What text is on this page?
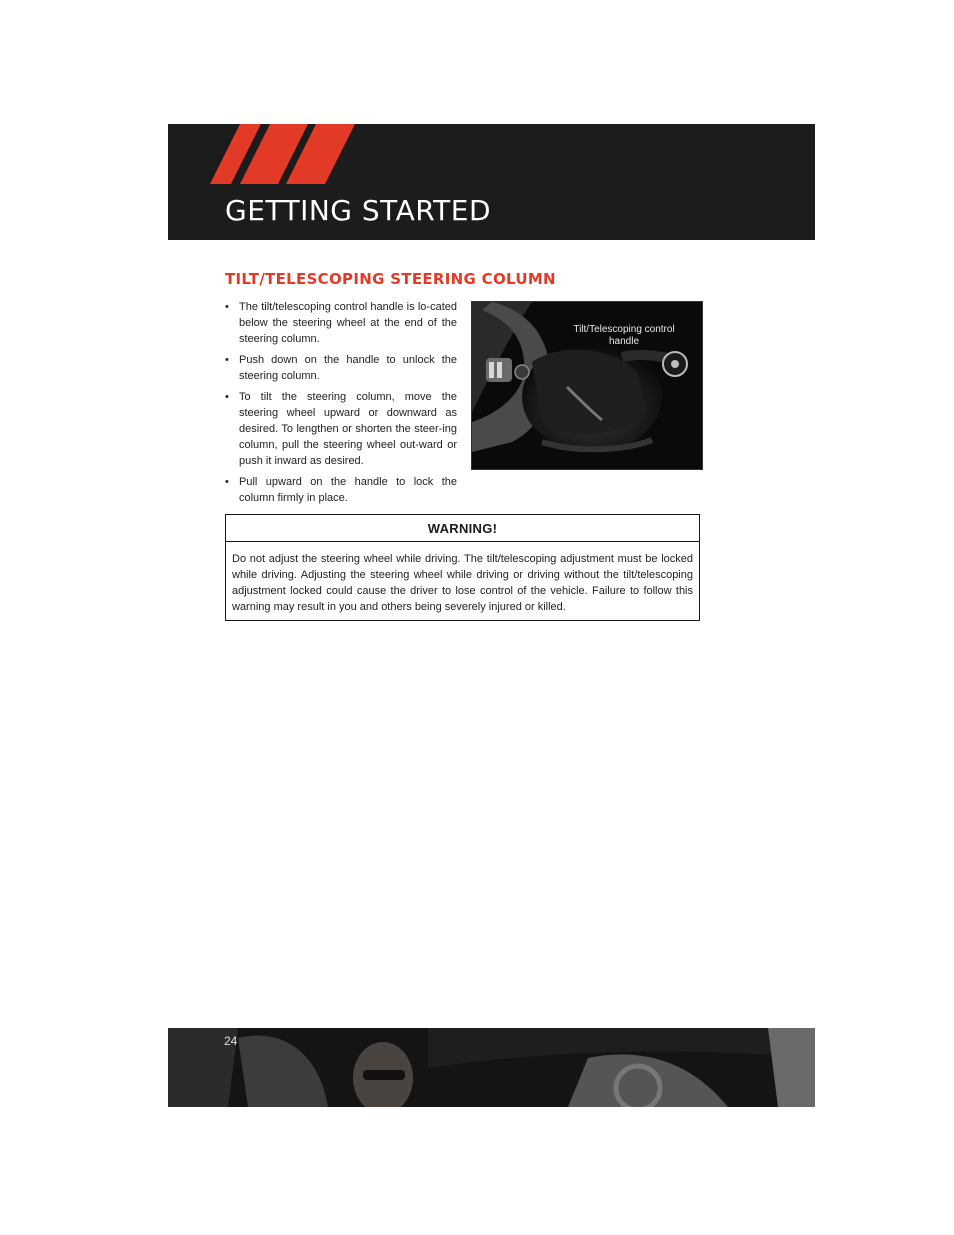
GETTING STARTED
TILT/TELESCOPING STEERING COLUMN
• The tilt/telescoping control handle is lo-cated below the steering wheel at the end of the steering column.
• Push down on the handle to unlock the steering column.
• To tilt the steering column, move the steering wheel upward or downward as desired. To lengthen or shorten the steer-ing column, pull the steering wheel out-ward or push it inward as desired.
• Pull upward on the handle to lock the column firmly in place.
Tilt/Telescoping control handle
WARNING!
Do not adjust the steering wheel while driving. The tilt/telescoping adjustment must be locked while driving. Adjusting the steering wheel while driving or driving without the tilt/telescoping adjustment locked could cause the driver to lose control of the vehicle. Failure to follow this warning may result in you and others being severely injured or killed.
24
